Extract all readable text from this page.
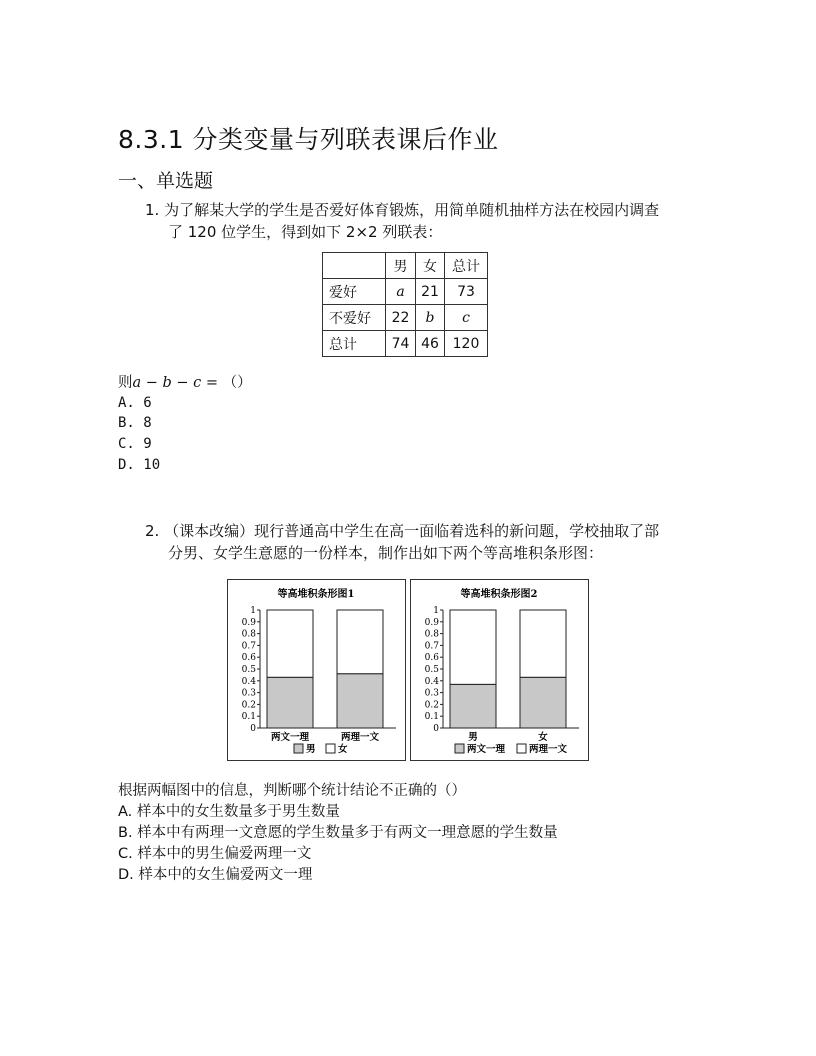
8.3.1 分类变量与列联表课后作业
一、单选题
1. 为了解某大学的学生是否爱好体育锻炼，用简单随机抽样方法在校园内调查
了 120 位学生，得到如下 2×2 列联表：
	男	女	总计
爱好	a	21	73
不爱好	22	b	c
总计	74	46	120
则a − b − c = （）
A. 6
B. 8
C. 9
D. 10
2. （课本改编）现行普通高中学生在高一面临着选科的新问题，学校抽取了部
分男、女学生意愿的一份样本，制作出如下两个等高堆积条形图：
等高堆积条形图1
0
0.1
0.2
0.3
0.4
0.5
0.6
0.7
0.8
0.9
1
两文一理	两理一文
男 女
等高堆积条形图2
0
0.1
0.2
0.3
0.4
0.5
0.6
0.7
0.8
0.9
1
男	女
两文一理	两理一文
根据两幅图中的信息，判断哪个统计结论不正确的（）
A. 样本中的女生数量多于男生数量
B. 样本中有两理一文意愿的学生数量多于有两文一理意愿的学生数量
C. 样本中的男生偏爱两理一文
D. 样本中的女生偏爱两文一理
